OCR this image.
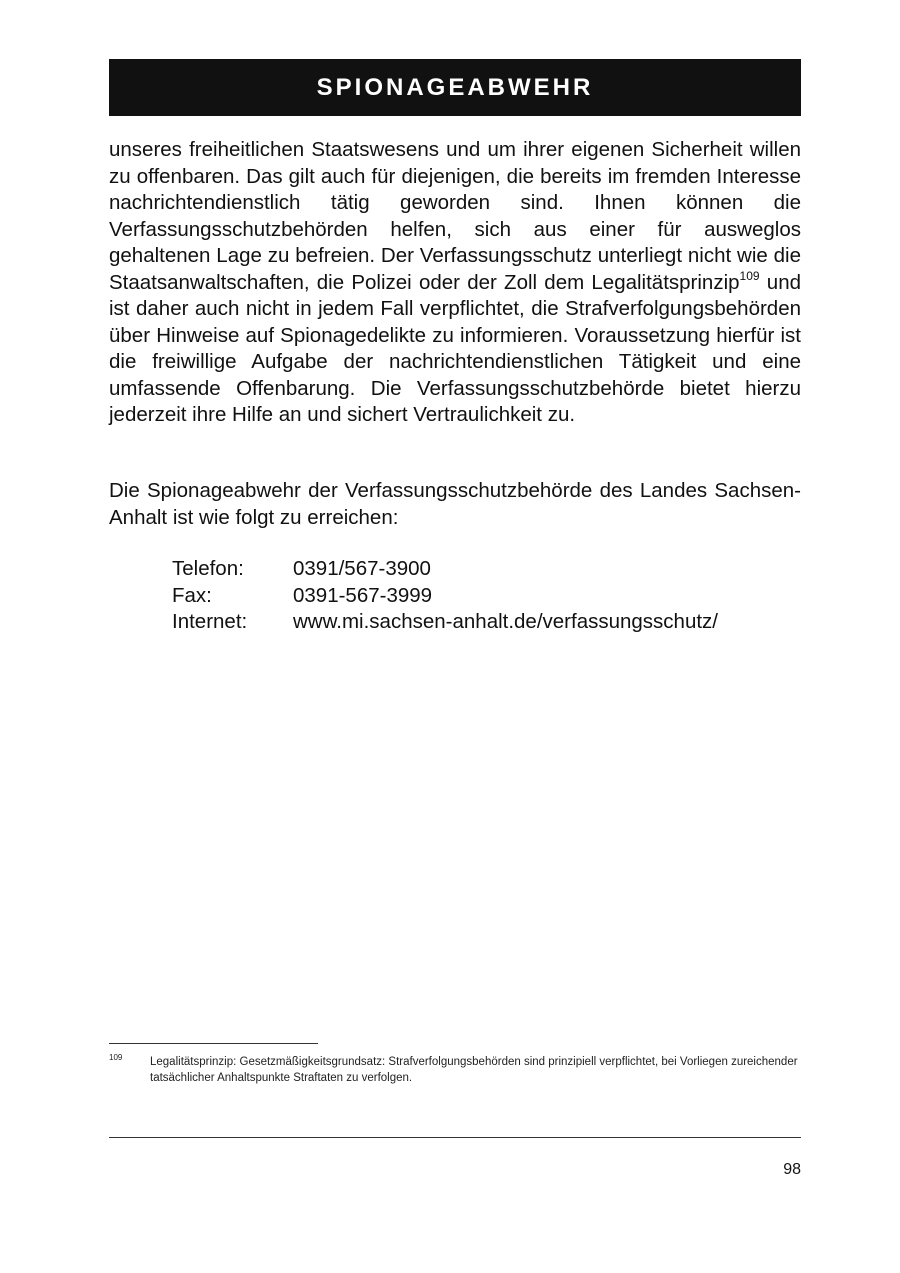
SPIONAGEABWEHR

unseres freiheitlichen Staatswesens und um ihrer eigenen Sicherheit willen zu offenbaren. Das gilt auch für diejenigen, die bereits im fremden Interesse nachrichtendienstlich tätig geworden sind. Ihnen können die Verfassungsschutzbehörden helfen, sich aus einer für ausweglos gehaltenen Lage zu befreien. Der Verfassungsschutz unterliegt nicht wie die Staatsanwaltschaften, die Polizei oder der Zoll dem Legalitätsprinzip$^{109}$ und ist daher auch nicht in jedem Fall verpflichtet, die Strafverfolgungsbehörden über Hinweise auf Spionagedelikte zu informieren. Voraussetzung hierfür ist die freiwillige Aufgabe der nachrichtendienstlichen Tätigkeit und eine umfassende Offenbarung. Die Verfassungsschutzbehörde bietet hierzu jederzeit ihre Hilfe an und sichert Vertraulichkeit zu.

Die Spionageabwehr der Verfassungsschutzbehörde des Landes Sachsen-Anhalt ist wie folgt zu erreichen:

Telefon:	0391/567-3900
Fax:	0391-567-3999
Internet:	www.mi.sachsen-anhalt.de/verfassungsschutz/
109 Legalitätsprinzip: Gesetzmäßigkeitsgrundsatz: Strafverfolgungsbehörden sind prinzipiell verpflichtet, bei Vorliegen zureichender tatsächlicher Anhaltspunkte Straftaten zu verfolgen.
98
